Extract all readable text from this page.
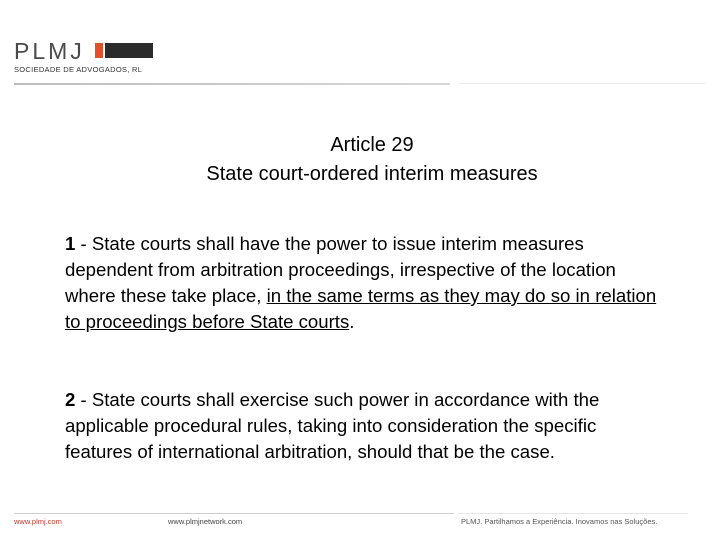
PLMJ
SOCIEDADE DE ADVOGADOS, RL
Article 29
State court-ordered interim measures
1 - State courts shall have the power to issue interim measures dependent from arbitration proceedings, irrespective of the location where these take place, in the same terms as they may do so in relation to proceedings before State courts.
2 - State courts shall exercise such power in accordance with the applicable procedural rules, taking into consideration the specific features of international arbitration, should that be the case.
www.plmj.com	www.plmjnetwork.com	PLMJ. Partilhamos a Experiência. Inovamos nas Soluções.
